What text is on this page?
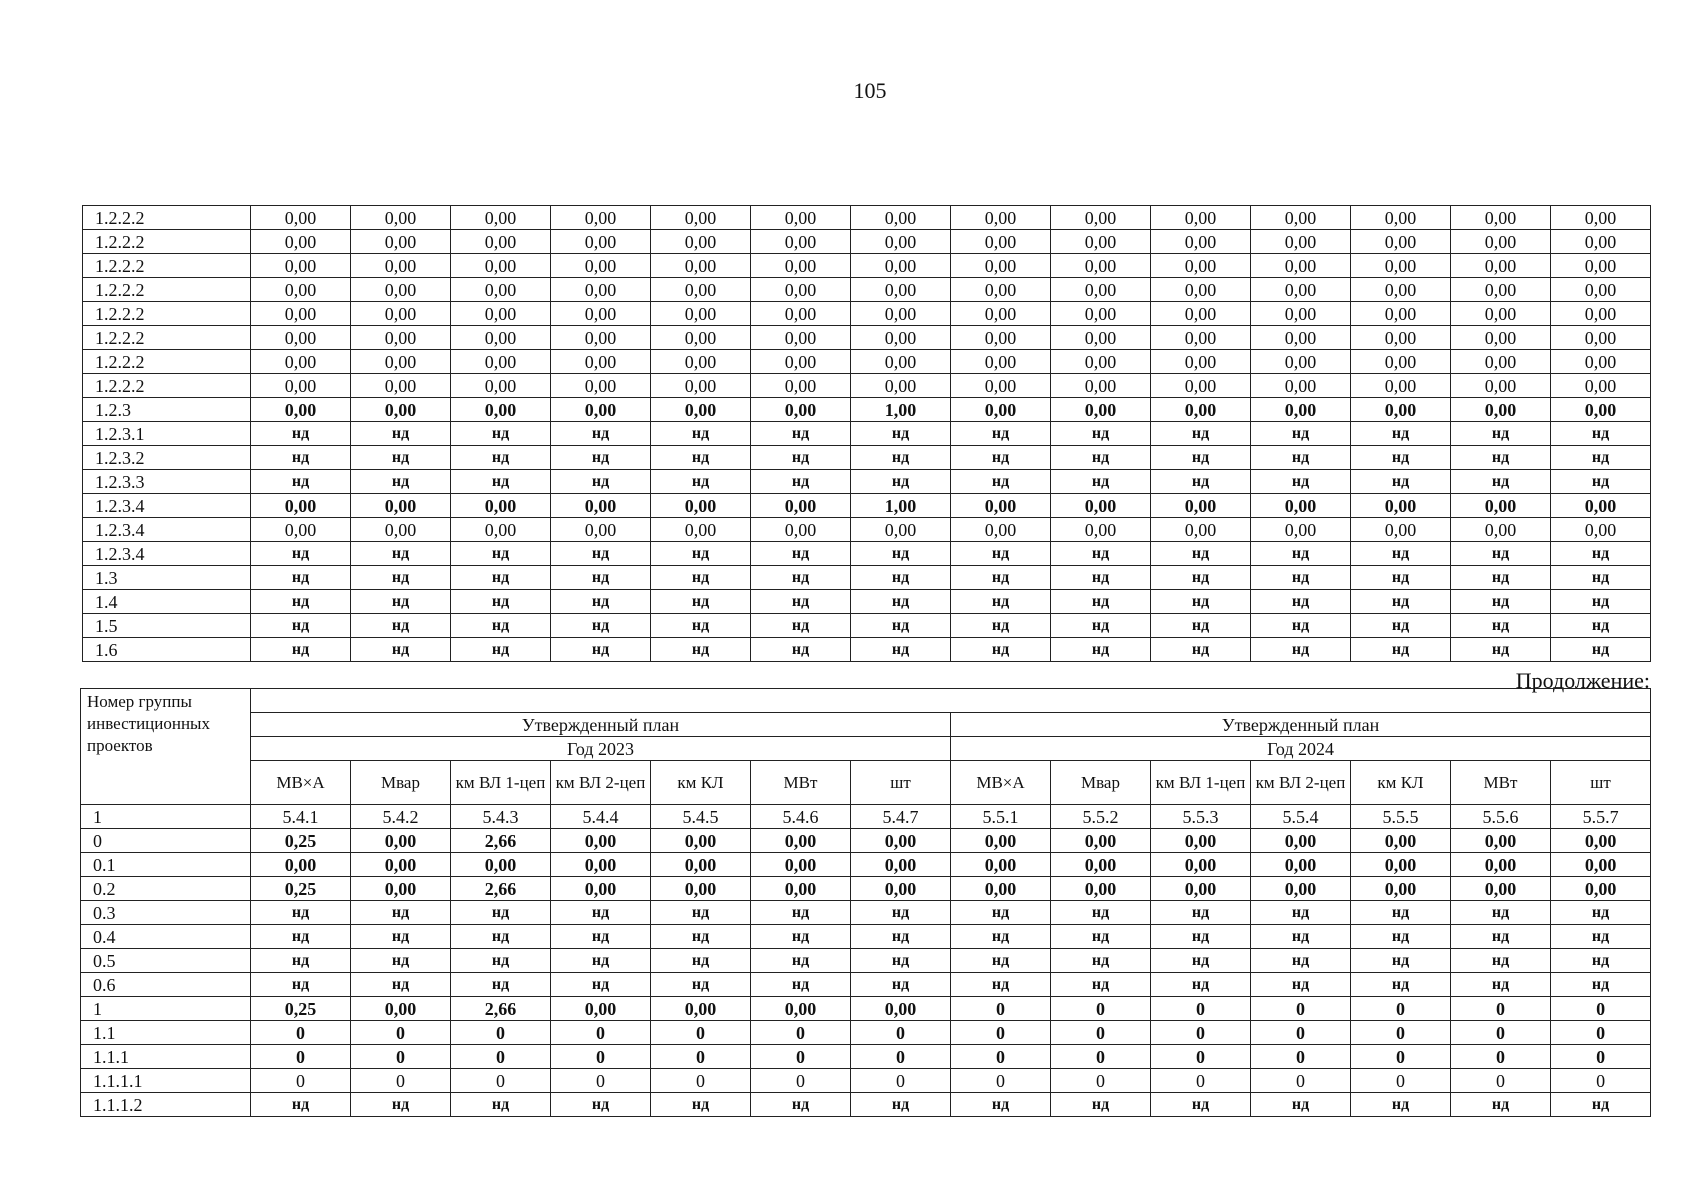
105
1.2.2.2	0,00	0,00	0,00	0,00	0,00	0,00	0,00	0,00	0,00	0,00	0,00	0,00	0,00	0,00
1.2.2.2	0,00	0,00	0,00	0,00	0,00	0,00	0,00	0,00	0,00	0,00	0,00	0,00	0,00	0,00
1.2.2.2	0,00	0,00	0,00	0,00	0,00	0,00	0,00	0,00	0,00	0,00	0,00	0,00	0,00	0,00
1.2.2.2	0,00	0,00	0,00	0,00	0,00	0,00	0,00	0,00	0,00	0,00	0,00	0,00	0,00	0,00
1.2.2.2	0,00	0,00	0,00	0,00	0,00	0,00	0,00	0,00	0,00	0,00	0,00	0,00	0,00	0,00
1.2.2.2	0,00	0,00	0,00	0,00	0,00	0,00	0,00	0,00	0,00	0,00	0,00	0,00	0,00	0,00
1.2.2.2	0,00	0,00	0,00	0,00	0,00	0,00	0,00	0,00	0,00	0,00	0,00	0,00	0,00	0,00
1.2.2.2	0,00	0,00	0,00	0,00	0,00	0,00	0,00	0,00	0,00	0,00	0,00	0,00	0,00	0,00
1.2.3	0,00	0,00	0,00	0,00	0,00	0,00	1,00	0,00	0,00	0,00	0,00	0,00	0,00	0,00
1.2.3.1	нд	нд	нд	нд	нд	нд	нд	нд	нд	нд	нд	нд	нд	нд
1.2.3.2	нд	нд	нд	нд	нд	нд	нд	нд	нд	нд	нд	нд	нд	нд
1.2.3.3	нд	нд	нд	нд	нд	нд	нд	нд	нд	нд	нд	нд	нд	нд
1.2.3.4	0,00	0,00	0,00	0,00	0,00	0,00	1,00	0,00	0,00	0,00	0,00	0,00	0,00	0,00
1.2.3.4	0,00	0,00	0,00	0,00	0,00	0,00	0,00	0,00	0,00	0,00	0,00	0,00	0,00	0,00
1.2.3.4	нд	нд	нд	нд	нд	нд	нд	нд	нд	нд	нд	нд	нд	нд
1.3	нд	нд	нд	нд	нд	нд	нд	нд	нд	нд	нд	нд	нд	нд
1.4	нд	нд	нд	нд	нд	нд	нд	нд	нд	нд	нд	нд	нд	нд
1.5	нд	нд	нд	нд	нд	нд	нд	нд	нд	нд	нд	нд	нд	нд
1.6	нд	нд	нд	нд	нд	нд	нд	нд	нд	нд	нд	нд	нд	нд
Продолжение:
Номер группы инвестиционных проектов														
	Утвержденный план							Утвержденный план						
	Год 2023							Год 2024						
	МВ×А	Мвар	км ВЛ 1-цеп	км ВЛ 2-цеп	км КЛ	МВт	шт	МВ×А	Мвар	км ВЛ 1-цеп	км ВЛ 2-цеп	км КЛ	МВт	шт
1	5.4.1	5.4.2	5.4.3	5.4.4	5.4.5	5.4.6	5.4.7	5.5.1	5.5.2	5.5.3	5.5.4	5.5.5	5.5.6	5.5.7
0	0,25	0,00	2,66	0,00	0,00	0,00	0,00	0,00	0,00	0,00	0,00	0,00	0,00	0,00
0.1	0,00	0,00	0,00	0,00	0,00	0,00	0,00	0,00	0,00	0,00	0,00	0,00	0,00	0,00
0.2	0,25	0,00	2,66	0,00	0,00	0,00	0,00	0,00	0,00	0,00	0,00	0,00	0,00	0,00
0.3	нд	нд	нд	нд	нд	нд	нд	нд	нд	нд	нд	нд	нд	нд
0.4	нд	нд	нд	нд	нд	нд	нд	нд	нд	нд	нд	нд	нд	нд
0.5	нд	нд	нд	нд	нд	нд	нд	нд	нд	нд	нд	нд	нд	нд
0.6	нд	нд	нд	нд	нд	нд	нд	нд	нд	нд	нд	нд	нд	нд
1	0,25	0,00	2,66	0,00	0,00	0,00	0,00	0	0	0	0	0	0	0
1.1	0	0	0	0	0	0	0	0	0	0	0	0	0	0
1.1.1	0	0	0	0	0	0	0	0	0	0	0	0	0	0
1.1.1.1	0	0	0	0	0	0	0	0	0	0	0	0	0	0
1.1.1.2	нд	нд	нд	нд	нд	нд	нд	нд	нд	нд	нд	нд	нд	нд
